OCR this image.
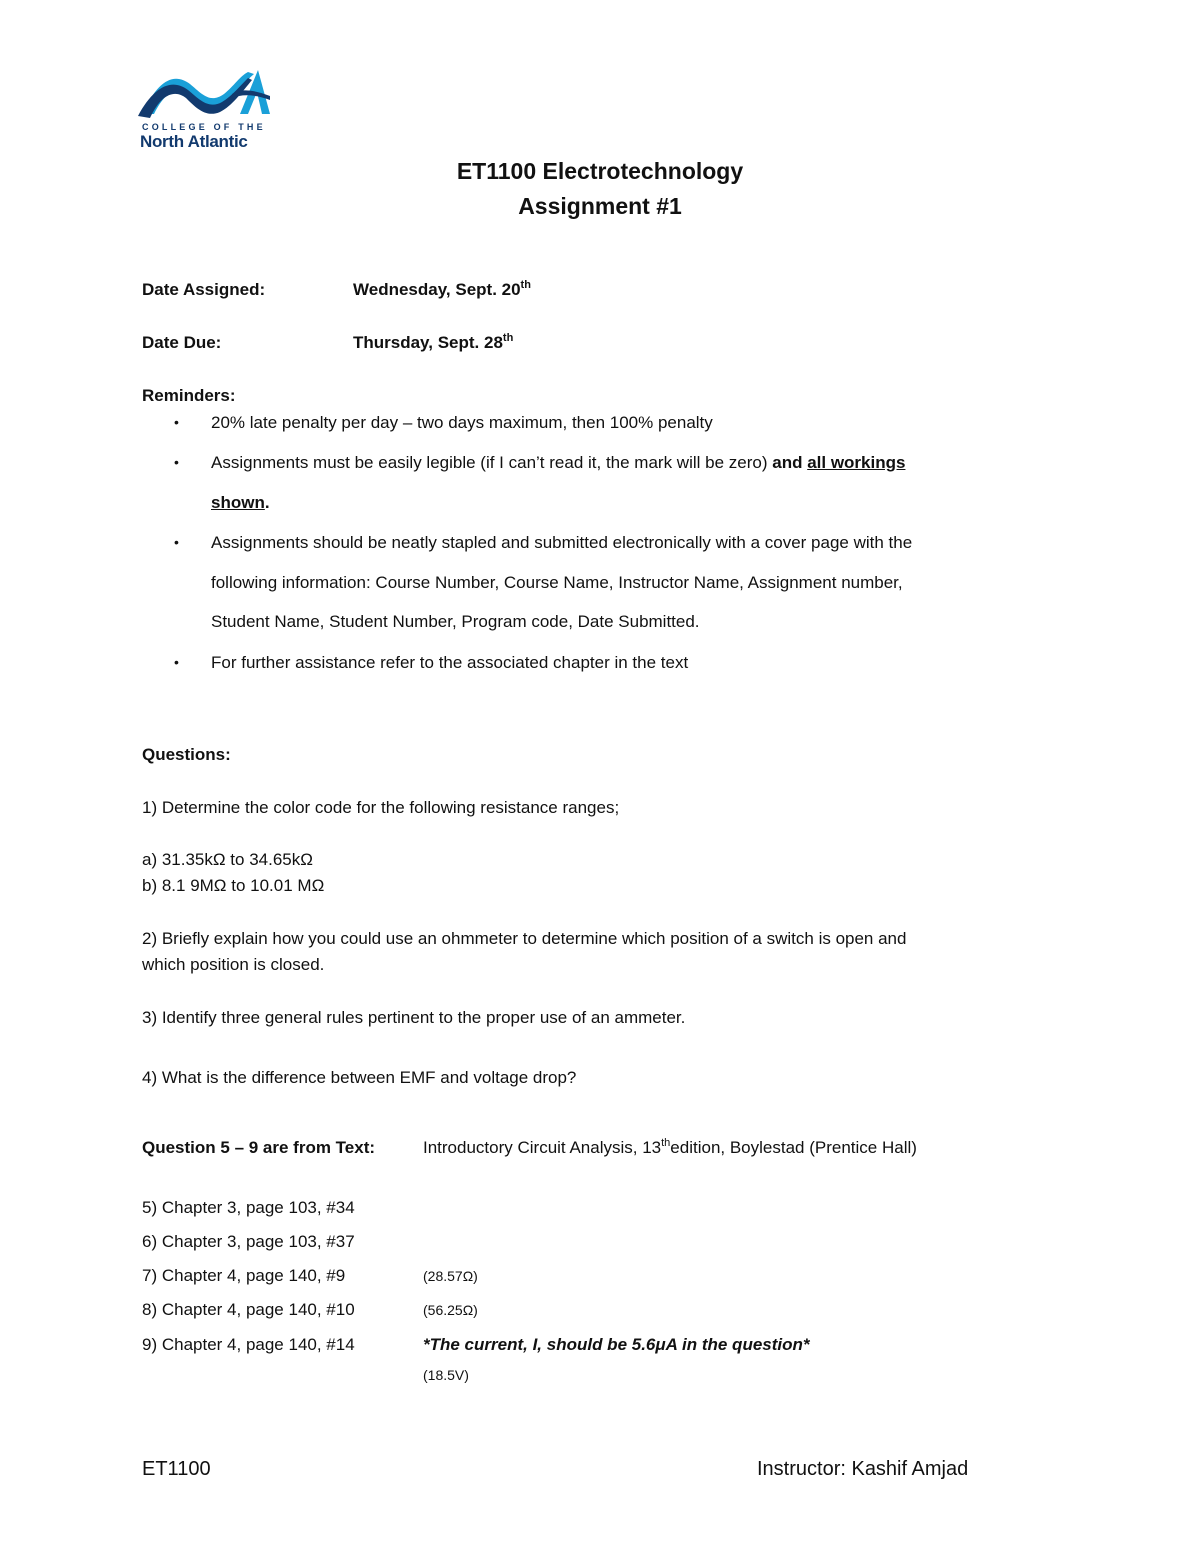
COLLEGE OF THE
North Atlantic
ET1100 Electrotechnology
Assignment #1
Date Assigned:	Wednesday, Sept. 20th
Date Due:	Thursday, Sept. 28th
Reminders:
• 20% late penalty per day – two days maximum, then 100% penalty
• Assignments must be easily legible (if I can’t read it, the mark will be zero) and all workings
shown.
• Assignments should be neatly stapled and submitted electronically with a cover page with the
following information: Course Number, Course Name, Instructor Name, Assignment number,
Student Name, Student Number, Program code, Date Submitted.
• For further assistance refer to the associated chapter in the text
Questions:
1) Determine the color code for the following resistance ranges;
a) 31.35kΩ to 34.65kΩ
b) 8.1 9MΩ to 10.01 MΩ
2) Briefly explain how you could use an ohmmeter to determine which position of a switch is open and
which position is closed.
3) Identify three general rules pertinent to the proper use of an ammeter.
4) What is the difference between EMF and voltage drop?
Question 5 – 9 are from Text:	Introductory Circuit Analysis, 13thedition, Boylestad (Prentice Hall)
5) Chapter 3, page 103, #34
6) Chapter 3, page 103, #37
7) Chapter 4, page 140, #9	(28.57Ω)
8) Chapter 4, page 140, #10	(56.25Ω)
9) Chapter 4, page 140, #14	*The current, I, should be 5.6μA in the question*
(18.5V)
ET1100	Instructor: Kashif Amjad
